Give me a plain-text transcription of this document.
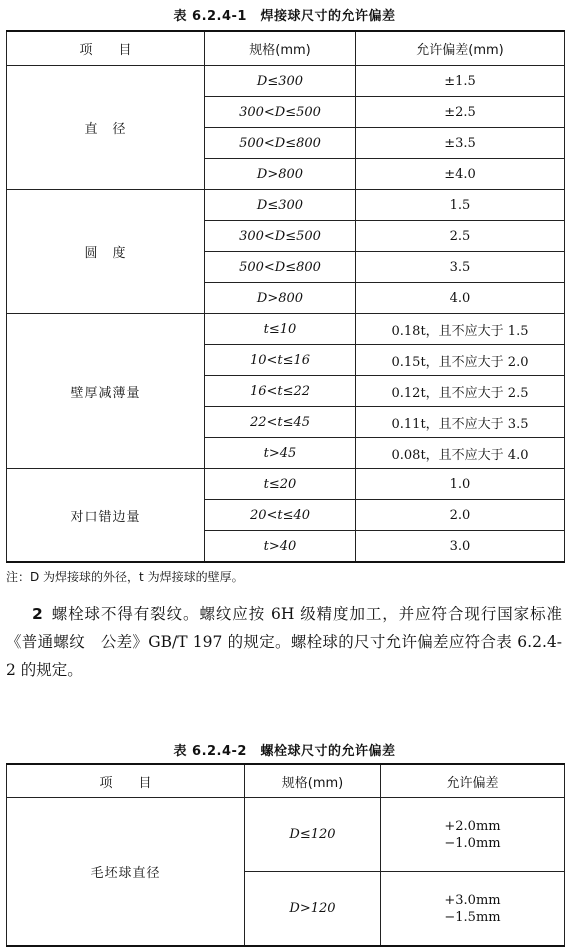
表 6.2.4-1　焊接球尺寸的允许偏差
项　　目	规格(mm)	允许偏差(mm)
直　径	D≤300	±1.5
	300<D≤500	±2.5
	500<D≤800	±3.5
	D>800	±4.0
圆　度	D≤300	1.5
	300<D≤500	2.5
	500<D≤800	3.5
	D>800	4.0
壁厚减薄量	t≤10	0.18t，且不应大于 1.5
	10<t≤16	0.15t，且不应大于 2.0
	16<t≤22	0.12t，且不应大于 2.5
	22<t≤45	0.11t，且不应大于 3.5
	t>45	0.08t，且不应大于 4.0
对口错边量	t≤20	1.0
	20<t≤40	2.0
	t>40	3.0
注：D 为焊接球的外径，t 为焊接球的壁厚。
2 螺栓球不得有裂纹。螺纹应按 6H 级精度加工，并应符合现行国家标准《普通螺纹　公差》GB/T 197 的规定。螺栓球的尺寸允许偏差应符合表 6.2.4-2 的规定。
表 6.2.4-2　螺栓球尺寸的允许偏差
项　　目	规格(mm)	允许偏差
毛坯球直径	D≤120	+2.0mm
−1.0mm

	D>120	+3.0mm
−1.5mm
